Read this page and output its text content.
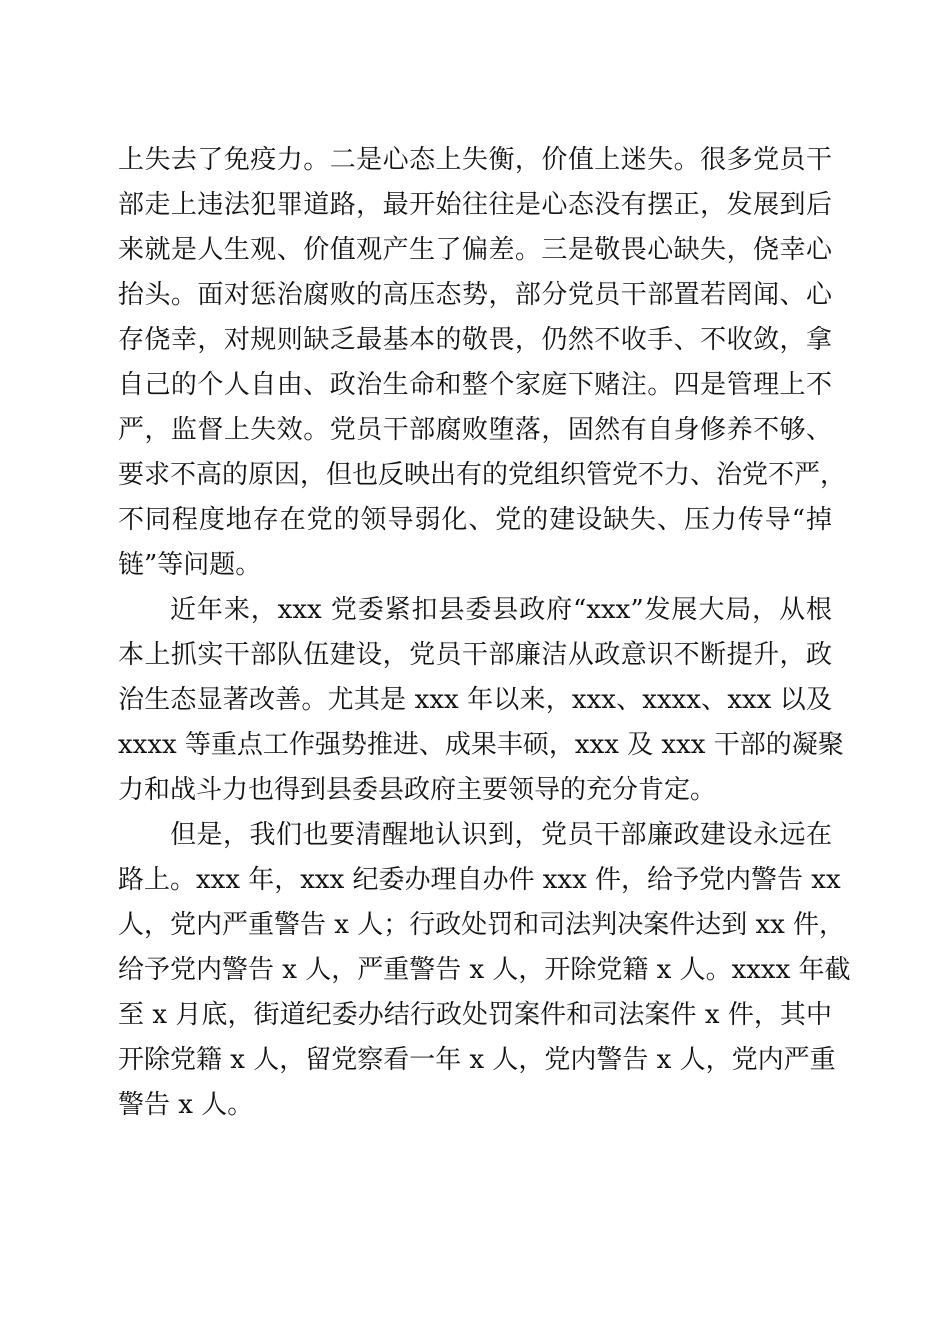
上失去了免疫力。二是心态上失衡，价值上迷失。很多党员干
部走上违法犯罪道路，最开始往往是心态没有摆正，发展到后
来就是人生观、价值观产生了偏差。三是敬畏心缺失，侥幸心
抬头。面对惩治腐败的高压态势，部分党员干部置若罔闻、心
存侥幸，对规则缺乏最基本的敬畏，仍然不收手、不收敛，拿
自己的个人自由、政治生命和整个家庭下赌注。四是管理上不
严，监督上失效。党员干部腐败堕落，固然有自身修养不够、
要求不高的原因，但也反映出有的党组织管党不力、治党不严，
不同程度地存在党的领导弱化、党的建设缺失、压力传导“掉
链”等问题。
近年来，xxx 党委紧扣县委县政府“xxx”发展大局，从根
本上抓实干部队伍建设，党员干部廉洁从政意识不断提升，政
治生态显著改善。尤其是 xxx 年以来，xxx、xxxx、xxx 以及
xxxx 等重点工作强势推进、成果丰硕，xxx 及 xxx 干部的凝聚
力和战斗力也得到县委县政府主要领导的充分肯定。
但是，我们也要清醒地认识到，党员干部廉政建设永远在
路上。xxx 年，xxx 纪委办理自办件 xxx 件，给予党内警告 xx
人，党内严重警告 x 人；行政处罚和司法判决案件达到 xx 件，
给予党内警告 x 人，严重警告 x 人，开除党籍 x 人。xxxx 年截
至 x 月底，街道纪委办结行政处罚案件和司法案件 x 件，其中
开除党籍 x 人，留党察看一年 x 人，党内警告 x 人，党内严重
警告 x 人。
